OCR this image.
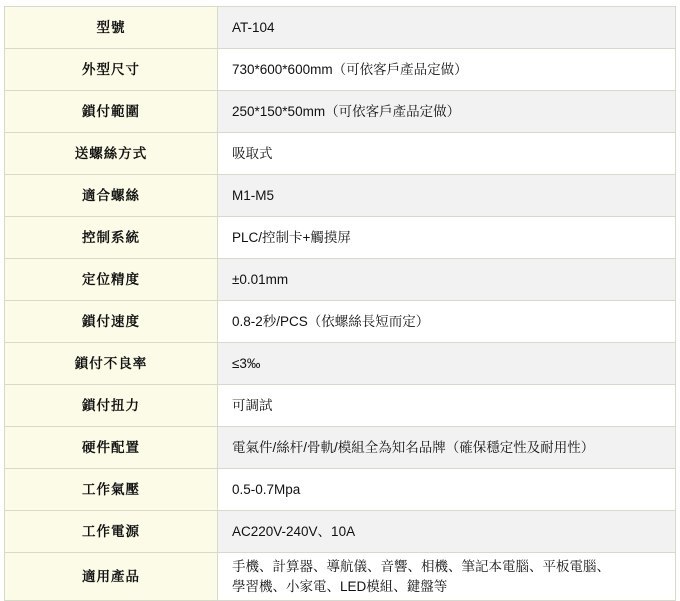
型號	AT-104
外型尺寸	730*600*600mm（可依客戶產品定做）
鎖付範圍	250*150*50mm（可依客戶產品定做）
送螺絲方式	吸取式
適合螺絲	M1-M5
控制系統	PLC/控制卡+觸摸屏
定位精度	±0.01mm
鎖付速度	0.8-2秒/PCS（依螺絲長短而定）
鎖付不良率	≤3‰
鎖付扭力	可調試
硬件配置	電氣件/絲杆/骨軌/模組全為知名品牌（確保穩定性及耐用性）
工作氣壓	0.5-0.7Mpa
工作電源	AC220V-240V、10A
適用產品	手機、計算器、導航儀、音響、相機、筆記本電腦、平板電腦、
學習機、小家電、LED模組、鍵盤等
